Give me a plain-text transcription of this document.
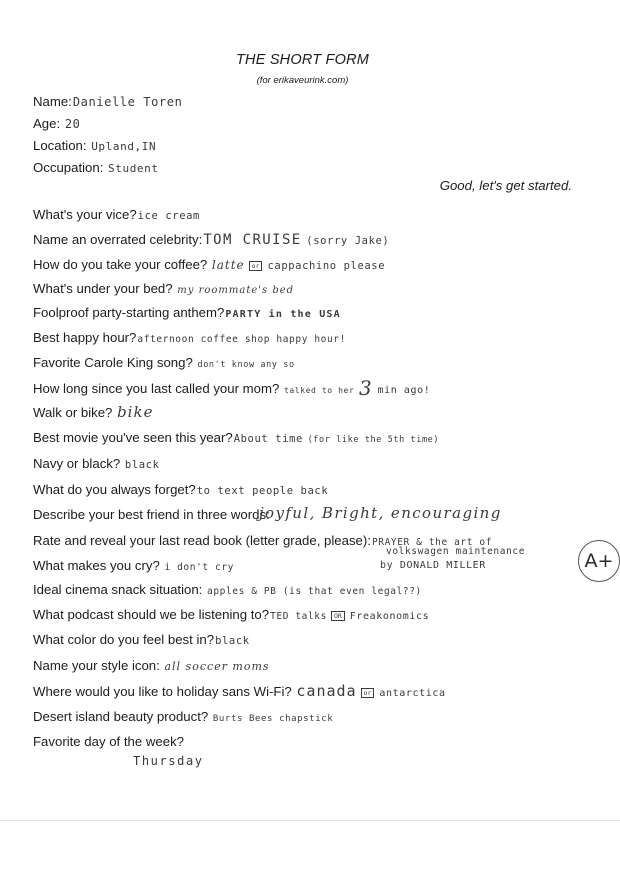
THE SHORT FORM
(for erikaveurink.com)
Name:Danielle Toren
Age: 20
Location: Upland,IN
Occupation: Student
Good, let's get started.
What's your vice?ice cream
Name an overrated celebrity:TOM CRUISE (sorry Jake)
How do you take your coffee? latte or cappachino please
What's under your bed? my roommate's bed
Foolproof party-starting anthem?PARTY in the USA
Best happy hour?afternoon coffee shop happy hour!
Favorite Carole King song? don't know any so
How long since you last called your mom? talked to her 3 min ago!
Walk or bike? bike
Best movie you've seen this year?About time (for like the 5th time)
Navy or black? black
What do you always forget?to text people back
Describe your best friend in three words:
joyful, Bright, encouraging
Rate and reveal your last read book (letter grade, please):PRAYER & the art of
volkswagen maintenance
by DONALD MILLER	A+
What makes you cry? i don't cry
Ideal cinema snack situation: apples & PB (is that even legal??)
What podcast should we be listening to?TED talks OR Freakonomics
What color do you feel best in?black
Name your style icon: all soccer moms
Where would you like to holiday sans Wi-Fi? canada or antarctica
Desert island beauty product? Burts Bees chapstick
Favorite day of the week?
Thursday
